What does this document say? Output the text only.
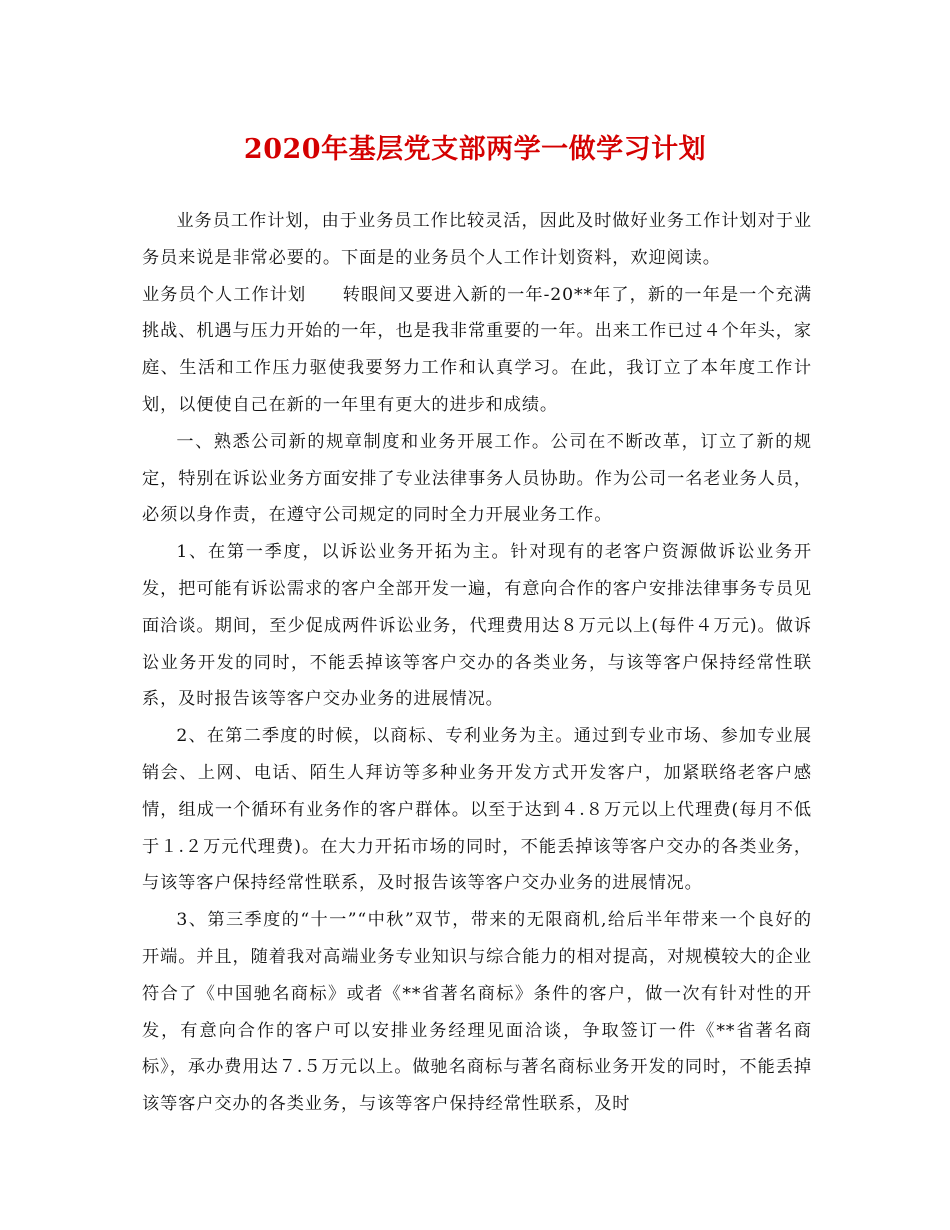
2020年基层党支部两学一做学习计划

业务员工作计划，由于业务员工作比较灵活，因此及时做好业务工作计划对于业务员来说是非常必要的。下面是的业务员个人工作计划资料，欢迎阅读。

业务员个人工作计划　　转眼间又要进入新的一年-20**年了，新的一年是一个充满挑战、机遇与压力开始的一年，也是我非常重要的一年。出来工作已过４个年头，家庭、生活和工作压力驱使我要努力工作和认真学习。在此，我订立了本年度工作计划，以便使自己在新的一年里有更大的进步和成绩。

一、熟悉公司新的规章制度和业务开展工作。公司在不断改革，订立了新的规定，特别在诉讼业务方面安排了专业法律事务人员协助。作为公司一名老业务人员，必须以身作责，在遵守公司规定的同时全力开展业务工作。

1、在第一季度，以诉讼业务开拓为主。针对现有的老客户资源做诉讼业务开发，把可能有诉讼需求的客户全部开发一遍，有意向合作的客户安排法律事务专员见面洽谈。期间，至少促成两件诉讼业务，代理费用达８万元以上(每件４万元)。做诉讼业务开发的同时，不能丢掉该等客户交办的各类业务，与该等客户保持经常性联系，及时报告该等客户交办业务的进展情况。

2、在第二季度的时候，以商标、专利业务为主。通过到专业市场、参加专业展销会、上网、电话、陌生人拜访等多种业务开发方式开发客户，加紧联络老客户感情，组成一个循环有业务作的客户群体。以至于达到４.８万元以上代理费(每月不低于１.２万元代理费)。在大力开拓市场的同时，不能丢掉该等客户交办的各类业务，与该等客户保持经常性联系，及时报告该等客户交办业务的进展情况。

3、第三季度的“十一”“中秋”双节，带来的无限商机,给后半年带来一个良好的开端。并且，随着我对高端业务专业知识与综合能力的相对提高，对规模较大的企业符合了《中国驰名商标》或者《**省著名商标》条件的客户，做一次有针对性的开发，有意向合作的客户可以安排业务经理见面洽谈，争取签订一件《**省著名商标》，承办费用达７.５万元以上。做驰名商标与著名商标业务开发的同时，不能丢掉该等客户交办的各类业务，与该等客户保持经常性联系，及时
